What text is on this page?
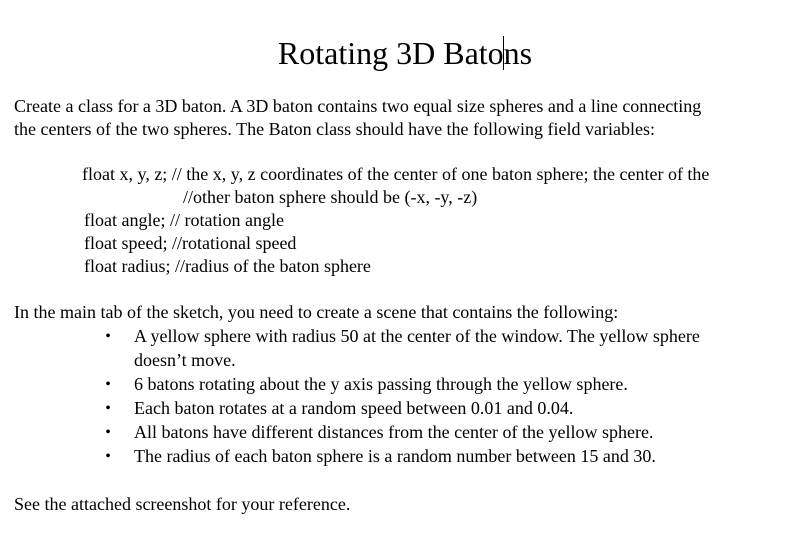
Rotating 3D Batons
Create a class for a 3D baton. A 3D baton contains two equal size spheres and a line connecting
the centers of the two spheres. The Baton class should have the following field variables:
float x, y, z; // the x, y, z coordinates of the center of one baton sphere; the center of the
//other baton sphere should be (-x, -y, -z)
float angle; // rotation angle
float speed; //rotational speed
float radius; //radius of the baton sphere
In the main tab of the sketch, you need to create a scene that contains the following:
• A yellow sphere with radius 50 at the center of the window. The yellow sphere
doesn’t move.
• 6 batons rotating about the y axis passing through the yellow sphere.
• Each baton rotates at a random speed between 0.01 and 0.04.
• All batons have different distances from the center of the yellow sphere.
• The radius of each baton sphere is a random number between 15 and 30.
See the attached screenshot for your reference.
